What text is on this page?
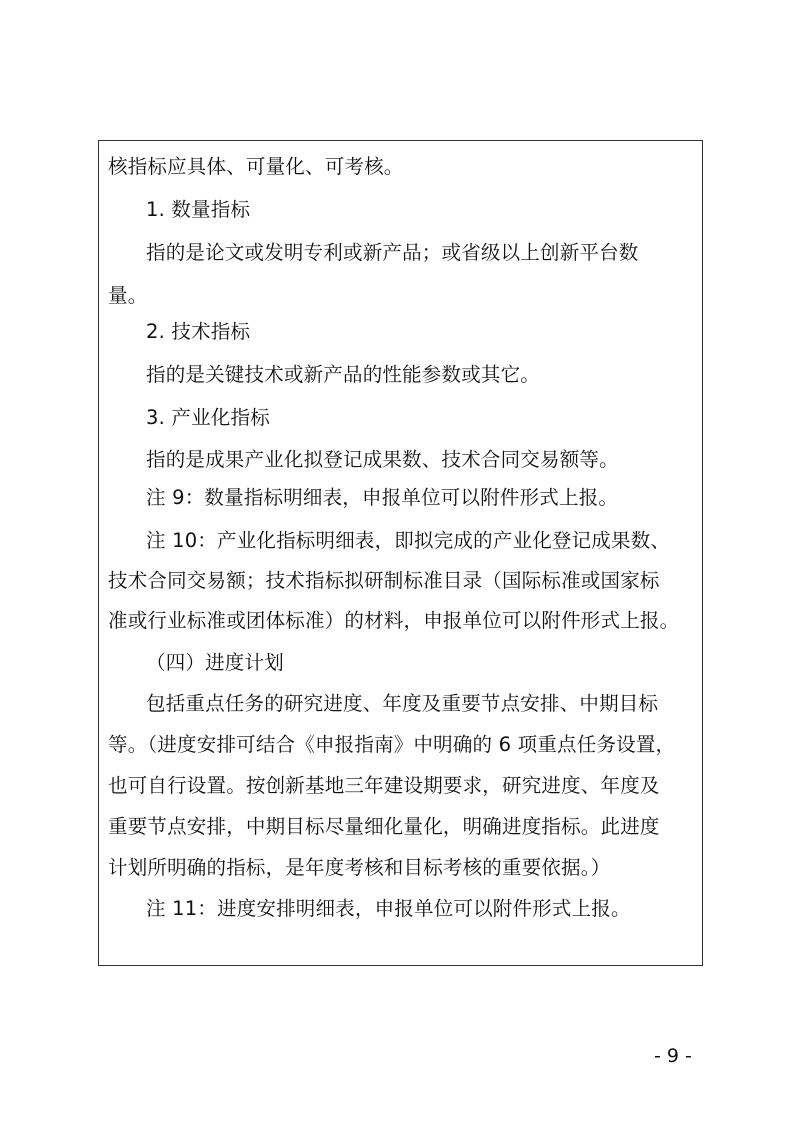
核指标应具体、可量化、可考核。
1. 数量指标
指的是论文或发明专利或新产品；或省级以上创新平台数
量。
2. 技术指标
指的是关键技术或新产品的性能参数或其它。
3. 产业化指标
指的是成果产业化拟登记成果数、技术合同交易额等。
注 9：数量指标明细表，申报单位可以附件形式上报。
注 10：产业化指标明细表，即拟完成的产业化登记成果数、
技术合同交易额；技术指标拟研制标准目录（国际标准或国家标
准或行业标准或团体标准）的材料，申报单位可以附件形式上报。
（四）进度计划
包括重点任务的研究进度、年度及重要节点安排、中期目标
等。（进度安排可结合《申报指南》中明确的 6 项重点任务设置，
也可自行设置。按创新基地三年建设期要求，研究进度、年度及
重要节点安排，中期目标尽量细化量化，明确进度指标。此进度
计划所明确的指标，是年度考核和目标考核的重要依据。）
注 11：进度安排明细表，申报单位可以附件形式上报。
- 9 -
